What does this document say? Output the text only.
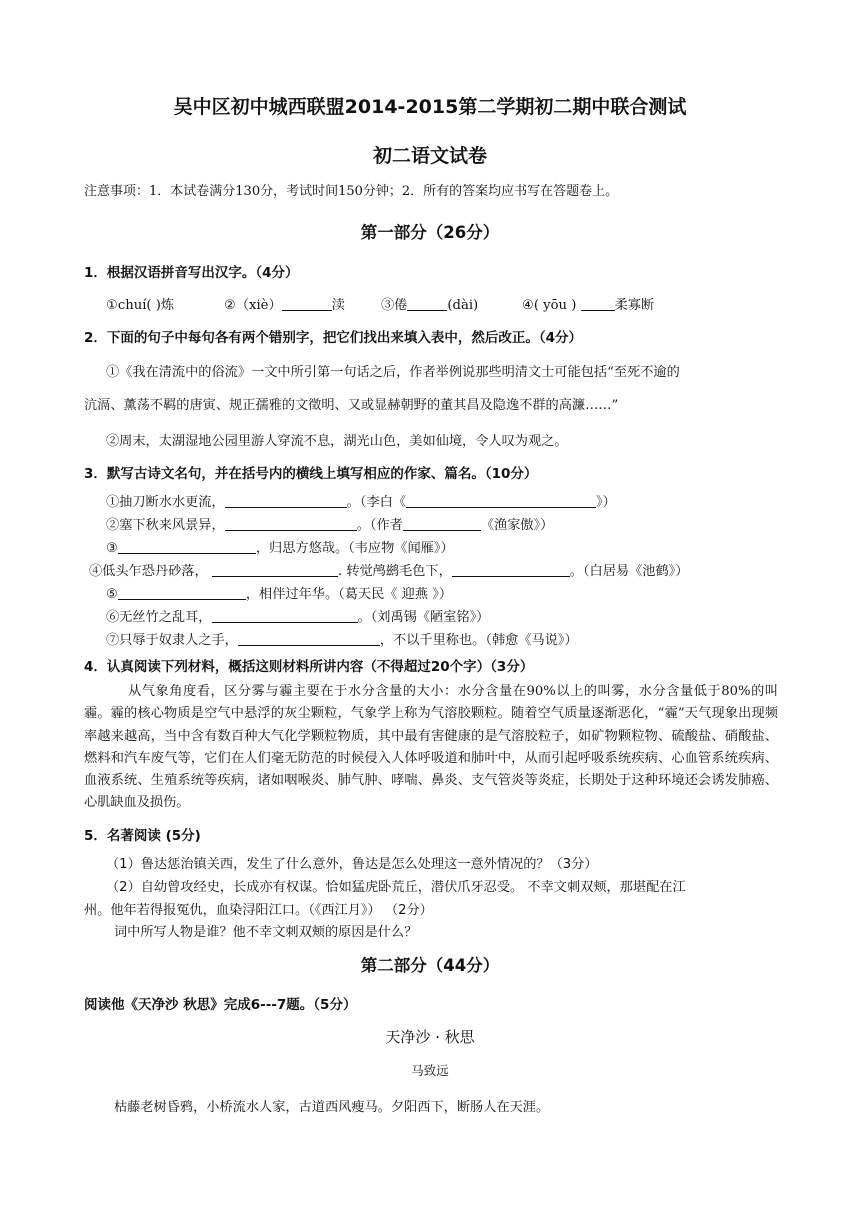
吴中区初中城西联盟2014-2015第二学期初二期中联合测试
初二语文试卷
注意事项：1．本试卷满分130分，考试时间150分钟；2．所有的答案均应书写在答题卷上。
第一部分（26分）
1．根据汉语拼音写出汉字。（4分）
①chuí( )炼	②（xiè）	渎	③倦	(dài)	④( yōu )	柔寡断
2．下面的句子中每句各有两个错别字，把它们找出来填入表中，然后改正。（4分）
①《我在清流中的俗流》一文中所引第一句话之后，作者举例说那些明清文士可能包括“至死不逾的
沆滆、薰荡不羁的唐寅、规正孺雅的文徵明、又或显赫朝野的董其昌及隐逸不群的高濂……”
②周末，太湖湿地公园里游人穿流不息，湖光山色，美如仙境，令人叹为观之。
3．默写古诗文名句，并在括号内的横线上填写相应的作家、篇名。（10分）
①抽刀断水水更流，	。（李白《	》）
②塞下秋来风景异，	。（作者	《渔家傲》）
③	，归思方悠哉。（韦应物《闻雁》）
④低头乍恐丹砂落，	. 转觉鸬鹚毛色下，	。（白居易《池鹤》）
⑤	，相伴过年华。（葛天民《 迎燕 》）
⑥无丝竹之乱耳，	。（刘禹锡《陋室铭》）
⑦只辱于奴隶人之手，	，不以千里称也。（韩愈《马说》）
4．认真阅读下列材料，概括这则材料所讲内容（不得超过20个字）（3分）
从气象角度看，区分雾与霾主要在于水分含量的大小：水分含量在90%以上的叫雾，水分含量低于80%的叫霾。霾的核心物质是空气中悬浮的灰尘颗粒，气象学上称为气溶胶颗粒。随着空气质量逐渐恶化，“霾”天气现象出现频率越来越高，当中含有数百种大气化学颗粒物质，其中最有害健康的是气溶胶粒子，如矿物颗粒物、硫酸盐、硝酸盐、燃料和汽车废气等，它们在人们毫无防范的时候侵入人体呼吸道和肺叶中，从而引起呼吸系统疾病、心血管系统疾病、血液系统、生殖系统等疾病，诸如咽喉炎、肺气肿、哮喘、鼻炎、支气管炎等炎症，长期处于这种环境还会诱发肺癌、心肌缺血及损伤。
5．名著阅读 (5分)
（1）鲁达惩治镇关西，发生了什么意外，鲁达是怎么处理这一意外情况的？（3分）
（2）自幼曾攻经史，长成亦有权谋。恰如猛虎卧荒丘，潜伏爪牙忍受。 不幸文刺双颊，那堪配在江
州。他年若得报冤仇，血染浔阳江口。（《西江月》） （2分）
词中所写人物是谁？他不幸文刺双颊的原因是什么？
第二部分（44分）
阅读他《天净沙 秋思》完成6---7题。（5分）
天净沙 · 秋思
马致远
枯藤老树昏鸦，小桥流水人家，古道西风瘦马。夕阳西下，断肠人在天涯。
